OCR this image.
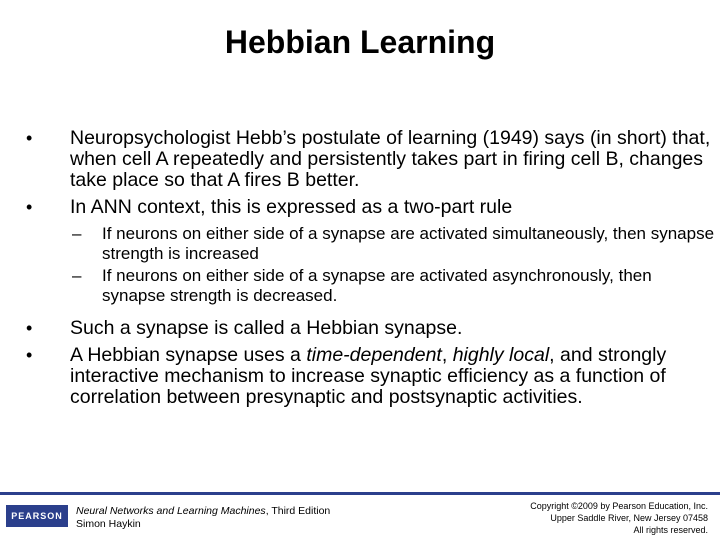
Hebbian Learning
• Neuropsychologist Hebb’s postulate of learning (1949) says (in short) that, when cell A repeatedly and persistently takes part in firing cell B, changes take place so that A fires B better.
• In ANN context, this is expressed as a two-part rule
– If neurons on either side of a synapse are activated simultaneously, then synapse strength is increased
– If neurons on either side of a synapse are activated asynchronously, then synapse strength is decreased.
• Such a synapse is called a Hebbian synapse.
• A Hebbian synapse uses a time-dependent, highly local, and strongly interactive mechanism to increase synaptic efficiency as a function of correlation between presynaptic and postsynaptic activities.
PEARSON Neural Networks and Learning Machines, Third Edition
Simon Haykin
Copyright ©2009 by Pearson Education, Inc.
Upper Saddle River, New Jersey 07458
All rights reserved.
